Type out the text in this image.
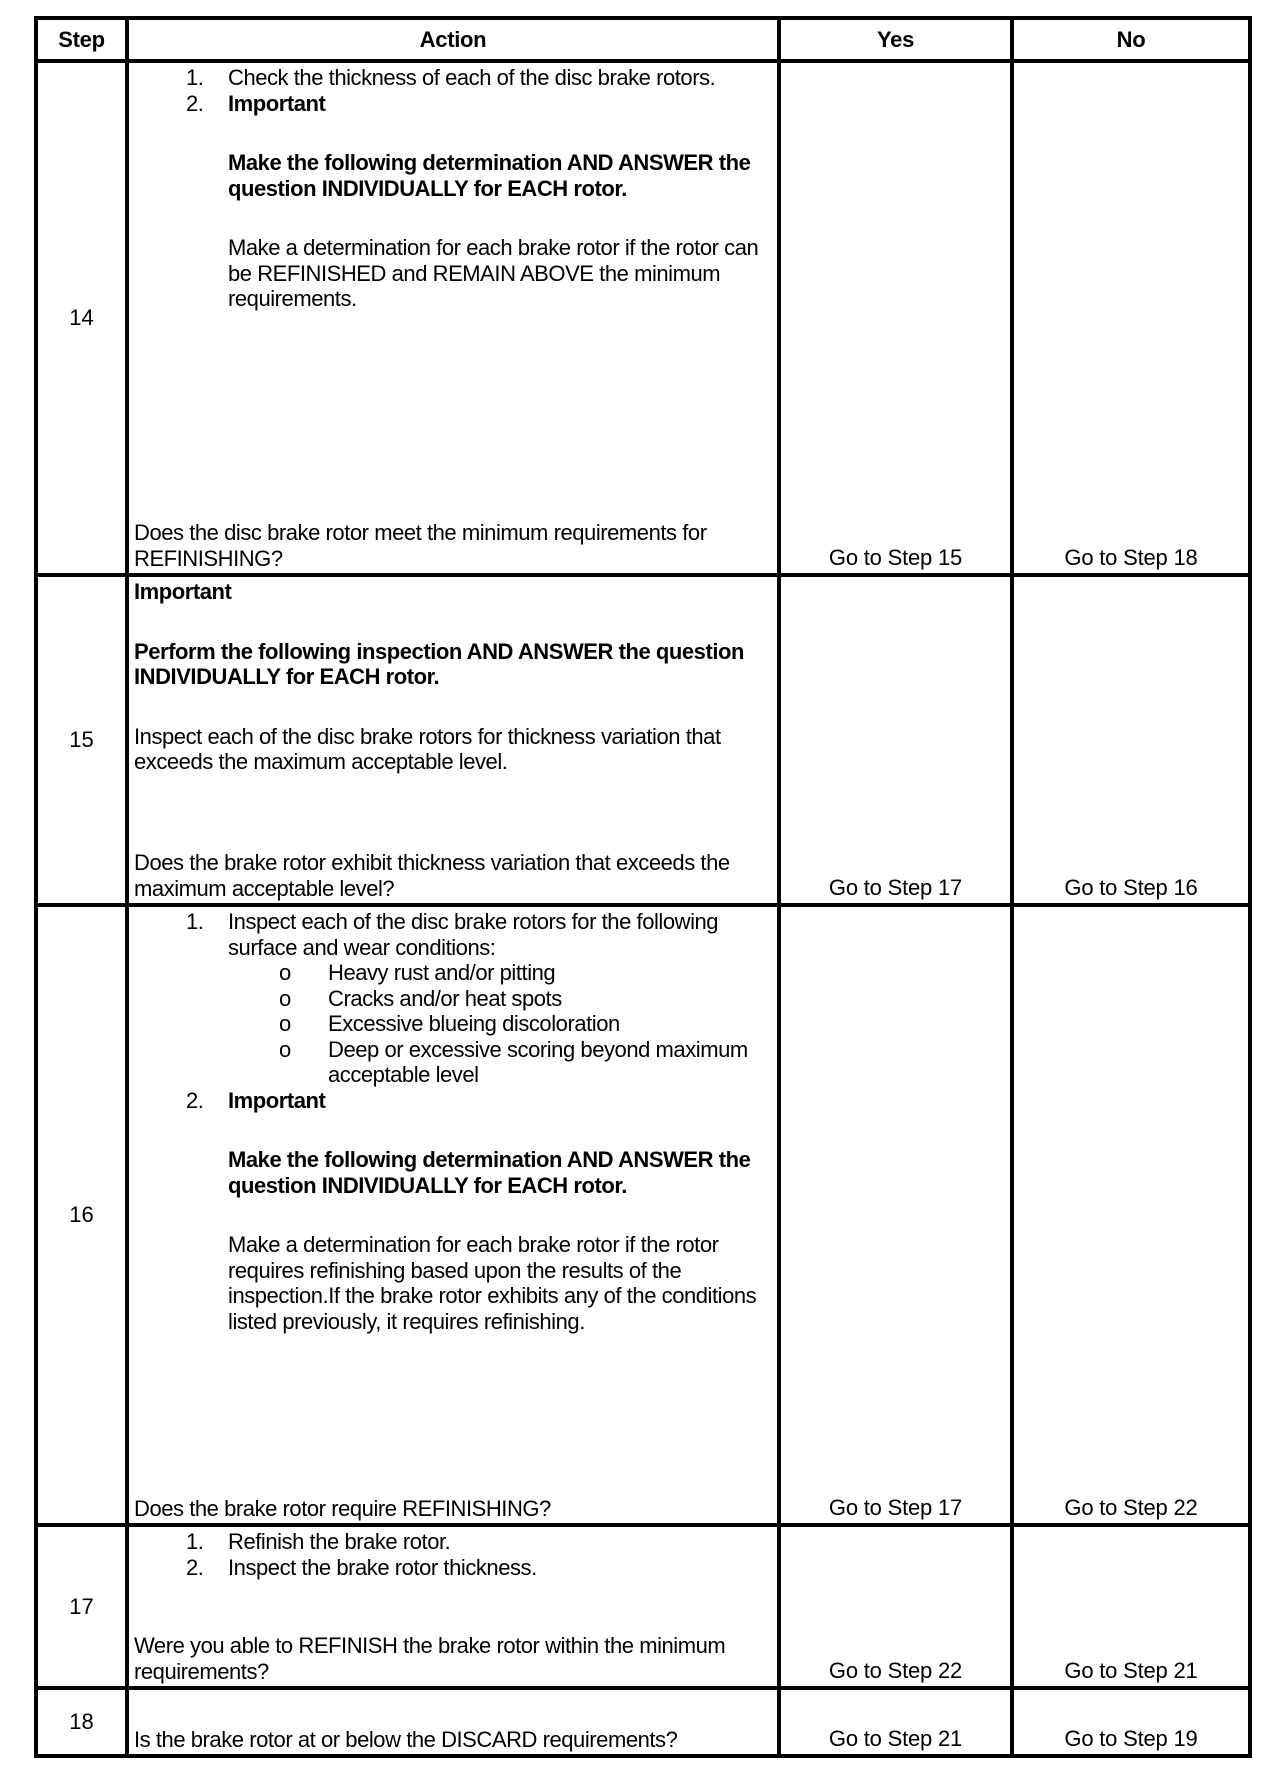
Step	Action	Yes	No
14
1.	Check the thickness of each of the disc brake rotors.
2.	Important
Make the following determination AND ANSWER the question INDIVIDUALLY for EACH rotor.
Make a determination for each brake rotor if the rotor can be REFINISHED and REMAIN ABOVE the minimum requirements.
Does the disc brake rotor meet the minimum requirements for REFINISHING?	Go to Step 15	Go to Step 18
15
Important
Perform the following inspection AND ANSWER the question INDIVIDUALLY for EACH rotor.
Inspect each of the disc brake rotors for thickness variation that exceeds the maximum acceptable level.
Does the brake rotor exhibit thickness variation that exceeds the maximum acceptable level?	Go to Step 17	Go to Step 16
16
1.	Inspect each of the disc brake rotors for the following surface and wear conditions:
o	Heavy rust and/or pitting
o	Cracks and/or heat spots
o	Excessive blueing discoloration
o	Deep or excessive scoring beyond maximum acceptable level
2.	Important
Make the following determination AND ANSWER the question INDIVIDUALLY for EACH rotor.
Make a determination for each brake rotor if the rotor requires refinishing based upon the results of the inspection.If the brake rotor exhibits any of the conditions listed previously, it requires refinishing.
Does the brake rotor require REFINISHING?	Go to Step 17	Go to Step 22
17
1.	Refinish the brake rotor.
2.	Inspect the brake rotor thickness.
Were you able to REFINISH the brake rotor within the minimum requirements?	Go to Step 22	Go to Step 21
18
Is the brake rotor at or below the DISCARD requirements?	Go to Step 21	Go to Step 19
